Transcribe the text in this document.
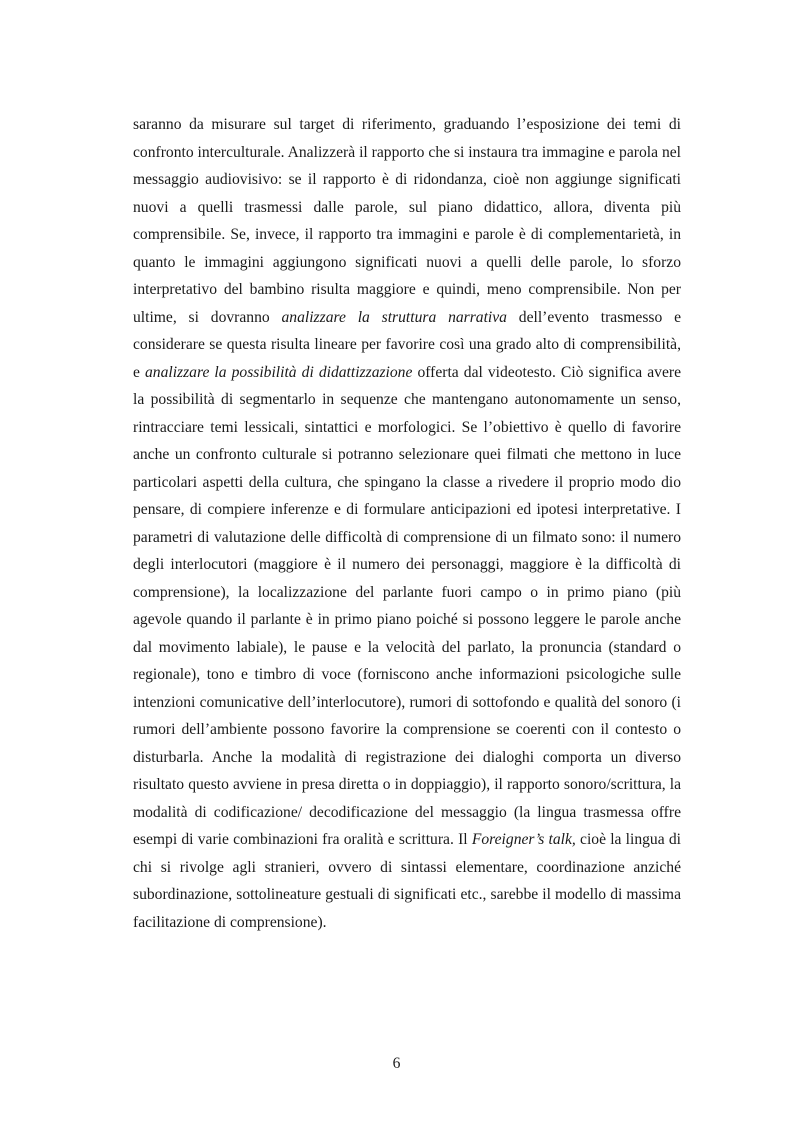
saranno da misurare sul target di riferimento, graduando l’esposizione dei temi di confronto interculturale. Analizzerà il rapporto che si instaura tra immagine e parola nel messaggio audiovisivo: se il rapporto è di ridondanza, cioè non aggiunge significati nuovi a quelli trasmessi dalle parole, sul piano didattico, allora, diventa più comprensibile. Se, invece, il rapporto tra immagini e parole è di complementarietà, in quanto le immagini aggiungono significati nuovi a quelli delle parole, lo sforzo interpretativo del bambino risulta maggiore e quindi, meno comprensibile. Non per ultime, si dovranno analizzare la struttura narrativa dell’evento trasmesso e considerare se questa risulta lineare per favorire così una grado alto di comprensibilità, e analizzare la possibilità di didattizzazione offerta dal videotesto. Ciò significa avere la possibilità di segmentarlo in sequenze che mantengano autonomamente un senso, rintracciare temi lessicali, sintattici e morfologici. Se l’obiettivo è quello di favorire anche un confronto culturale si potranno selezionare quei filmati che mettono in luce particolari aspetti della cultura, che spingano la classe a rivedere il proprio modo dio pensare, di compiere inferenze e di formulare anticipazioni ed ipotesi interpretative. I parametri di valutazione delle difficoltà di comprensione di un filmato sono: il numero degli interlocutori (maggiore è il numero dei personaggi, maggiore è la difficoltà di comprensione), la localizzazione del parlante fuori campo o in primo piano (più agevole quando il parlante è in primo piano poiché si possono leggere le parole anche dal movimento labiale), le pause e la velocità del parlato, la pronuncia (standard o regionale), tono e timbro di voce (forniscono anche informazioni psicologiche sulle intenzioni comunicative dell’interlocutore), rumori di sottofondo e qualità del sonoro (i rumori dell’ambiente possono favorire la comprensione se coerenti con il contesto o disturbarla. Anche la modalità di registrazione dei dialoghi comporta un diverso risultato questo avviene in presa diretta o in doppiaggio), il rapporto sonoro/scrittura, la modalità di codificazione/ decodificazione del messaggio (la lingua trasmessa offre esempi di varie combinazioni fra oralità e scrittura. Il Foreigner’s talk, cioè la lingua di chi si rivolge agli stranieri, ovvero di sintassi elementare, coordinazione anziché subordinazione, sottolineature gestuali di significati etc., sarebbe il modello di massima facilitazione di comprensione).

6
